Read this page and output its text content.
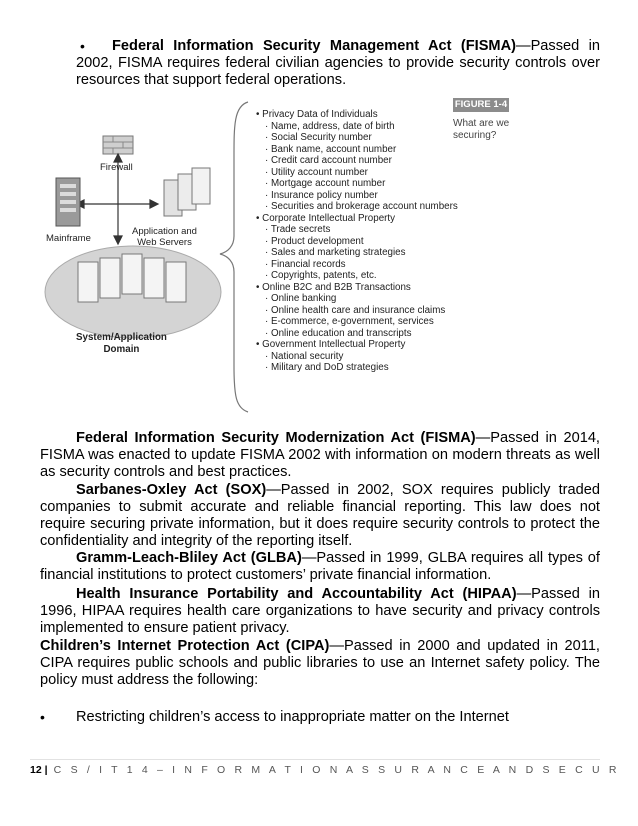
•	Federal Information Security Management Act (FISMA)—Passed in 2002, FISMA requires federal civilian agencies to provide security controls over resources that support federal operations.
Firewall
Mainframe
Application and
Web Servers
System/Application
Domain
FIGURE 1-4
What are we
securing?
• Privacy Data of Individuals
· Name, address, date of birth
· Social Security number
· Bank name, account number
· Credit card account number
· Utility account number
· Mortgage account number
· Insurance policy number
· Securities and brokerage account numbers
• Corporate Intellectual Property
· Trade secrets
· Product development
· Sales and marketing strategies
· Financial records
· Copyrights, patents, etc.
• Online B2C and B2B Transactions
· Online banking
· Online health care and insurance claims
· E-commerce, e-government, services
· Online education and transcripts
• Government Intellectual Property
· National security
· Military and DoD strategies
Federal Information Security Modernization Act (FISMA)—Passed in 2014, FISMA was enacted to update FISMA 2002 with information on modern threats as well as security controls and best practices.
Sarbanes-Oxley Act (SOX)—Passed in 2002, SOX requires publicly traded companies to submit accurate and reliable financial reporting. This law does not require securing private information, but it does require security controls to protect the confidentiality and integrity of the reporting itself.
Gramm-Leach-Bliley Act (GLBA)—Passed in 1999, GLBA requires all types of financial institutions to protect customers’ private financial information.
Health Insurance Portability and Accountability Act (HIPAA)—Passed in 1996, HIPAA requires health care organizations to have security and privacy controls implemented to ensure patient privacy.
Children’s Internet Protection Act (CIPA)—Passed in 2000 and updated in 2011, CIPA requires public schools and public libraries to use an Internet safety policy. The policy must address the following:
• Restricting children’s access to inappropriate matter on the Internet
12 | C S / I T 1 4 – I N F O R M A T I O N A S S U R A N C E A N D S E C U R
